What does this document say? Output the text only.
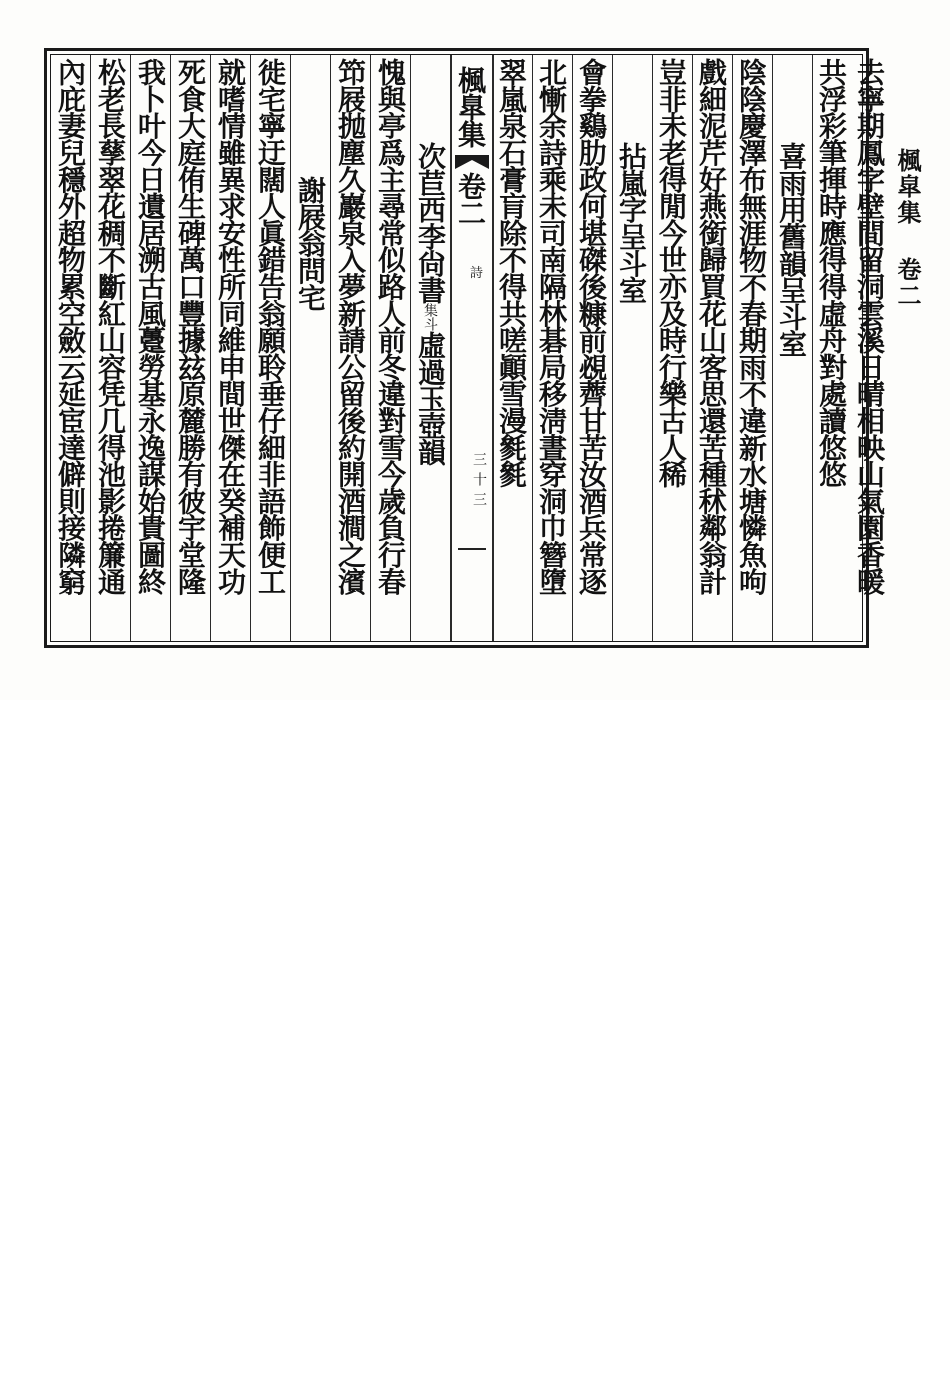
楓皐集 卷二
楓臯集
卷二
詩
三十三	去寧期鳳字壁間留洞雲溪日晴相映山氣園香暖
共浮彩筆揮時應得得虛舟對處讀悠悠
喜雨用舊韻呈斗室
陰陰慶澤布無涯物不春期雨不違新水塘憐魚呴
戲細泥芹好燕銜歸買花山客思還苦種秫鄰翁計
豈非未老得閒今世亦及時行樂古人稀
拈嵐字呈斗室
會拳鷄肋政何堪磔後糠前覕薺甘苦汝酒兵常逐
北慚余詩乘未司南隔林碁局移淸晝穿洞巾簪墮
翠嵐泉石膏肓除不得共嗟顚雪漫毿毿
次苣西李尙書集斗虛過玉壺韻
愧與亭爲主尋常似路人前冬違對雪今歲負行春
笻屐抛塵久巖泉入夢新請公留後約開酒澗之濱
謝屐翁問宅
徙宅寧迂闊人眞錯告翁願聆垂仔細非語飾便工
就嗜情雖異求安性所同維申間世傑在癸補天功
死食大庭侑生碑萬口豐據玆原麓勝有彼宇堂隆
我卜叶今日遺居溯古風躉勞基永逸謀始貴圖終
松老長孶翠花稠不斷紅山容凭几得池影捲簾通
內庇妻兒穩外超物累空斂云延宦達僻則接隣窮
